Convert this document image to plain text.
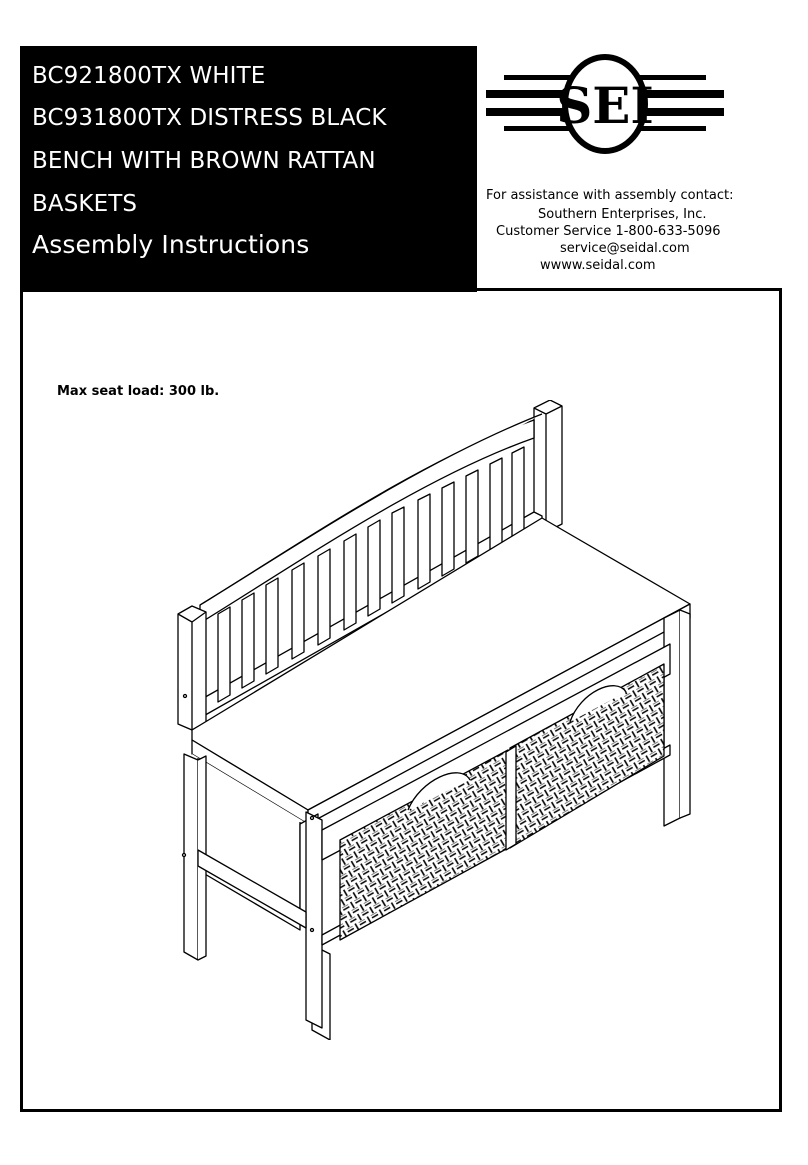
BC921800TX WHITE
BC931800TX DISTRESS BLACK
BENCH WITH BROWN RATTAN
BASKETS
Assembly Instructions
SEI
For assistance with assembly contact:
Southern Enterprises, Inc.
Customer Service 1-800-633-5096
service@seidal.com
wwww.seidal.com
Max seat load: 300 lb.
